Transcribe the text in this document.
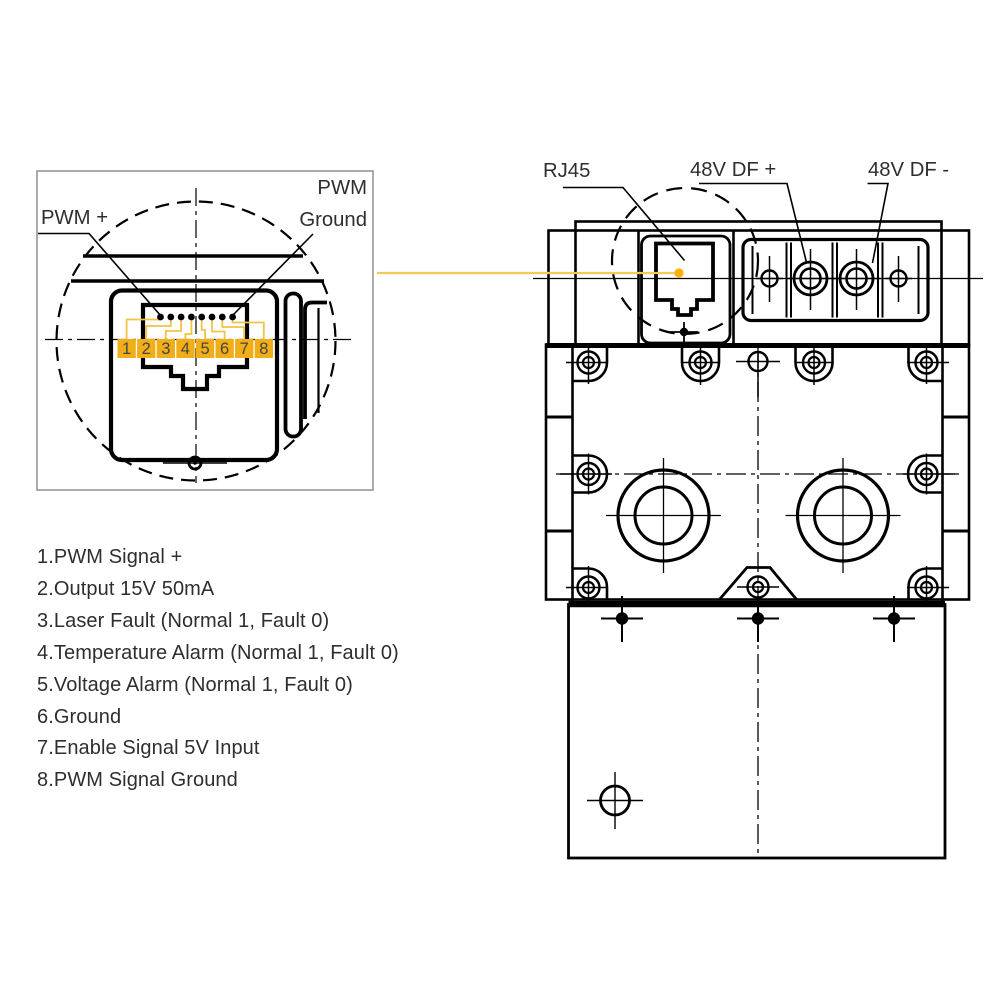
PWM +
PWM
Ground
1 2 3 4 5 6 7 8
RJ45	48V DF +	48V DF -
1.PWM Signal +
2.Output 15V 50mA
3.Laser Fault (Normal 1, Fault 0)
4.Temperature Alarm (Normal 1, Fault 0)
5.Voltage Alarm (Normal 1, Fault 0)
6.Ground
7.Enable Signal 5V Input
8.PWM Signal Ground
